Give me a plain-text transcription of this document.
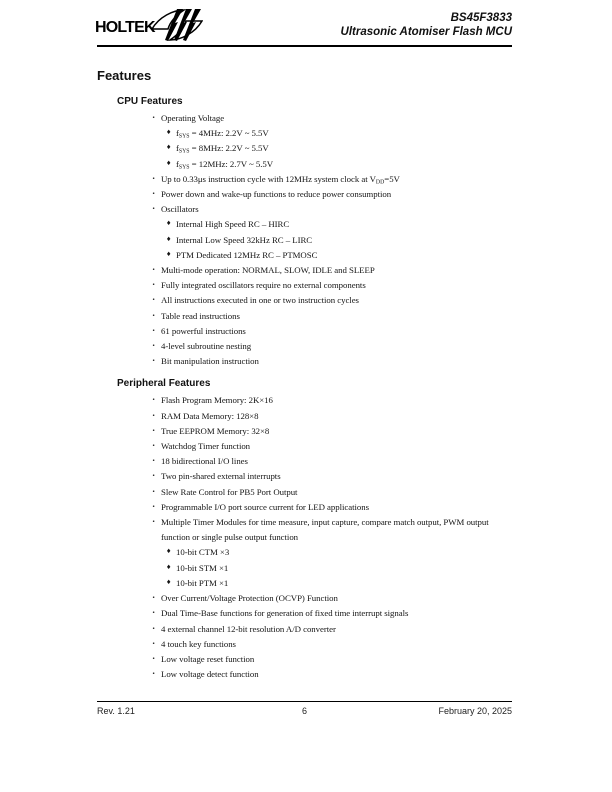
HOLTEK
BS45F3833
Ultrasonic Atomiser Flash MCU
Features
CPU Features
• Operating Voltage
♦ $f_{SYS} = 4MHz$: 2.2V ~ 5.5V
♦ $f_{SYS} = 8MHz$: 2.2V ~ 5.5V
♦ $f_{SYS} = 12MHz$: 2.7V ~ 5.5V
• Up to 0.33μs instruction cycle with 12MHz system clock at $V_{DD}=5V$
• Power down and wake-up functions to reduce power consumption
• Oscillators
♦ Internal High Speed RC – HIRC
♦ Internal Low Speed 32kHz RC – LIRC
♦ PTM Dedicated 12MHz RC – PTMOSC
• Multi-mode operation: NORMAL, SLOW, IDLE and SLEEP
• Fully integrated oscillators require no external components
• All instructions executed in one or two instruction cycles
• Table read instructions
• 61 powerful instructions
• 4-level subroutine nesting
• Bit manipulation instruction
Peripheral Features
• Flash Program Memory: 2K×16
• RAM Data Memory: 128×8
• True EEPROM Memory: 32×8
• Watchdog Timer function
• 18 bidirectional I/O lines
• Two pin-shared external interrupts
• Slew Rate Control for PB5 Port Output
• Programmable I/O port source current for LED applications
• Multiple Timer Modules for time measure, input capture, compare match output, PWM output function or single pulse output function
♦ 10-bit CTM ×3
♦ 10-bit STM ×1
♦ 10-bit PTM ×1
• Over Current/Voltage Protection (OCVP) Function
• Dual Time-Base functions for generation of fixed time interrupt signals
• 4 external channel 12-bit resolution A/D converter
• 4 touch key functions
• Low voltage reset function
• Low voltage detect function
Rev. 1.21	6	February 20, 2025
